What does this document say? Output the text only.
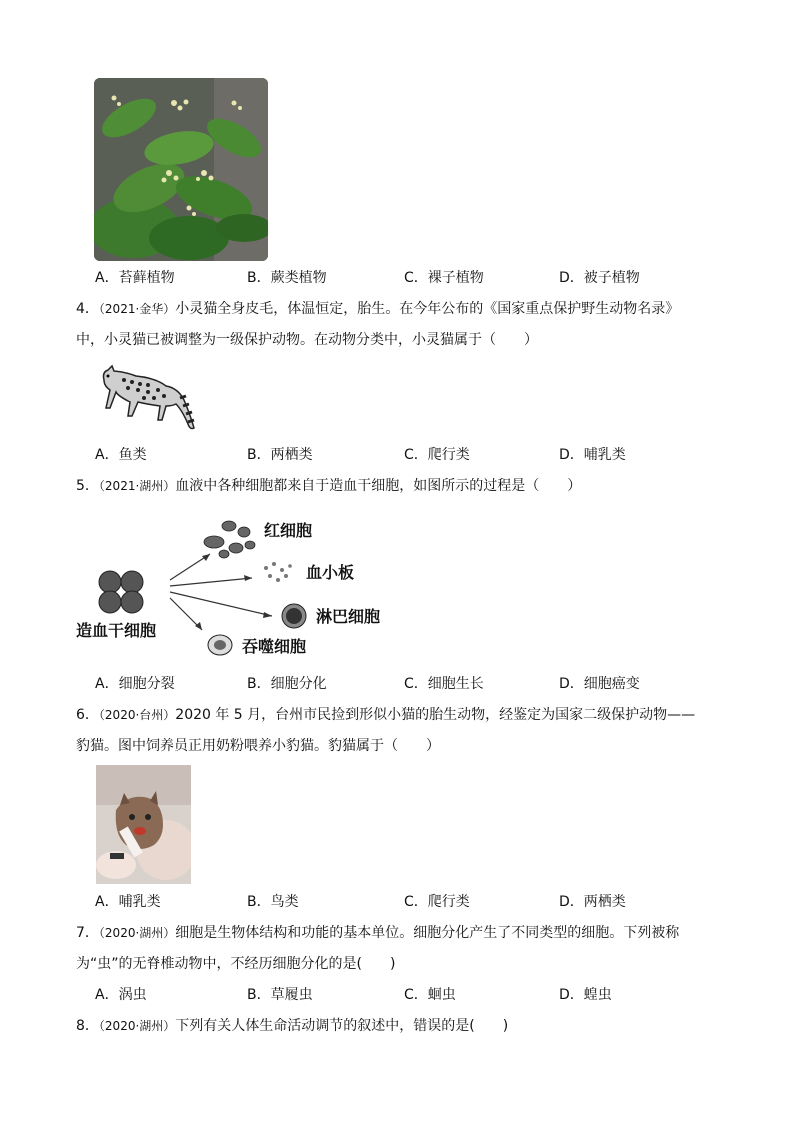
A．苔藓植物	B．蕨类植物	C．裸子植物	D．被子植物
4．（2021·金华）小灵猫全身皮毛，体温恒定，胎生。在今年公布的《国家重点保护野生动物名录》
中，小灵猫已被调整为一级保护动物。在动物分类中，小灵猫属于（　　）
A．鱼类	B．两栖类	C．爬行类	D．哺乳类
5．（2021·湖州）血液中各种细胞都来自于造血干细胞，如图所示的过程是（　　）
红细胞
血小板
淋巴细胞
吞噬细胞
造血干细胞
A．细胞分裂	B．细胞分化	C．细胞生长	D．细胞癌变
6．（2020·台州）2020 年 5 月，台州市民捡到形似小猫的胎生动物，经鉴定为国家二级保护动物——
豹猫。图中饲养员正用奶粉喂养小豹猫。豹猫属于（　　）
A．哺乳类	B．鸟类	C．爬行类	D．两栖类
7．（2020·湖州）细胞是生物体结构和功能的基本单位。细胞分化产生了不同类型的细胞。下列被称
为“虫”的无脊椎动物中，不经历细胞分化的是(　　)
A．涡虫	B．草履虫	C．蛔虫	D．蝗虫
8．（2020·湖州）下列有关人体生命活动调节的叙述中，错误的是(　　)
